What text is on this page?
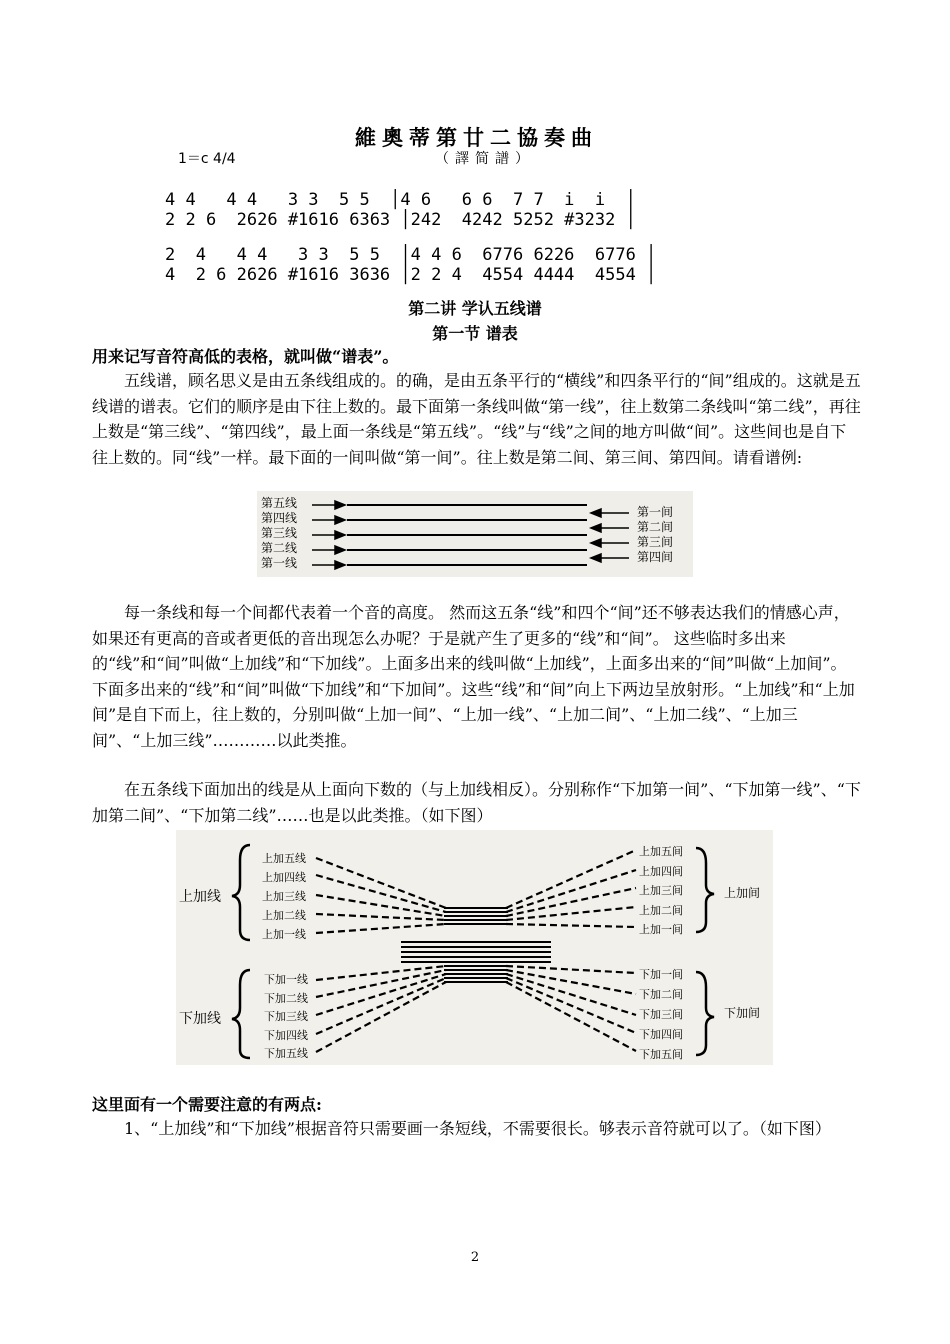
維奧蒂第廿二協奏曲
（譯简譜）
1＝c 4/4
4 4   4 4   3 3  5 5  │4 6   6 6  7 7  i  i  │
2 2 6  2626 #1616 6363 │242  4242 5252 #3232 │
2  4   4 4   3 3  5 5  │4 4 6  6776 6226  6776 │
4  2 6 2626 #1616 3636 │2 2 4  4554 4444  4554 │
第二讲 学认五线谱
第一节 谱表
用来记写音符高低的表格，就叫做“谱表”。
五线谱，顾名思义是由五条线组成的。的确，是由五条平行的“横线”和四条平行的“间”组成的。这就是五线谱的谱表。它们的顺序是由下往上数的。最下面第一条线叫做“第一线”，往上数第二条线叫“第二线”，再往上数是“第三线”、“第四线”，最上面一条线是“第五线”。“线”与“线”之间的地方叫做“间”。这些间也是自下往上数的。同“线”一样。最下面的一间叫做“第一间”。往上数是第二间、第三间、第四间。请看谱例:
第五线
第四线
第三线
第二线
第一线
第一间
第二间
第三间
第四间
每一条线和每一个间都代表着一个音的高度。 然而这五条“线”和四个“间”还不够表达我们的情感心声，如果还有更高的音或者更低的音出现怎么办呢？于是就产生了更多的“线”和“间”。 这些临时多出来的“线”和“间”叫做“上加线”和“下加线”。上面多出来的线叫做“上加线”，上面多出来的“间”叫做“上加间”。下面多出来的“线”和“间”叫做“下加线”和“下加间”。这些“线”和“间”向上下两边呈放射形。“上加线”和“上加间”是自下而上，往上数的，分别叫做“上加一间”、“上加一线”、“上加二间”、“上加二线”、“上加三间”、“上加三线”…………以此类推。
在五条线下面加出的线是从上面向下数的（与上加线相反）。分别称作“下加第一间”、“下加第一线”、“下加第二间”、“下加第二线”……也是以此类推。（如下图）
上加线
上加五线
上加四线
上加三线
上加二线
上加一线
上加五间
上加四间
上加三间
上加二间
上加一间
上加间
下加线
下加一线
下加二线
下加三线
下加四线
下加五线
下加一间
下加二间
下加三间
下加四间
下加五间
下加间
这里面有一个需要注意的有两点:
1、“上加线”和“下加线”根据音符只需要画一条短线，不需要很长。够表示音符就可以了。（如下图）
2
